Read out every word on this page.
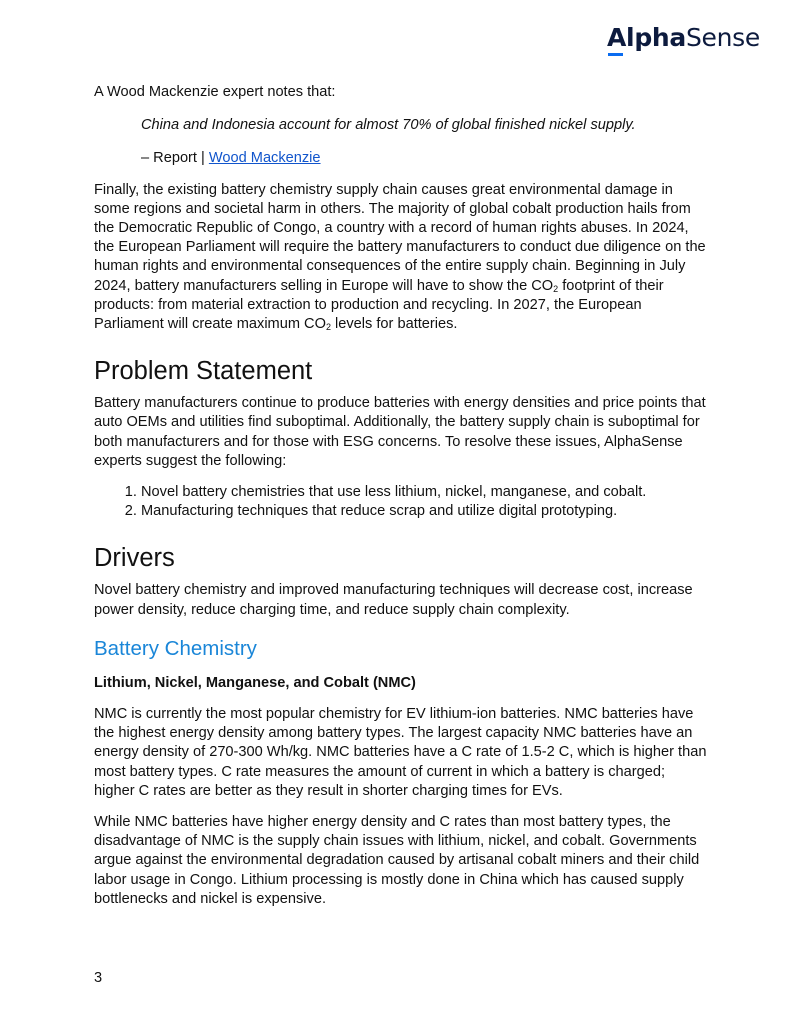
AlphaSense

A Wood Mackenzie expert notes that:

China and Indonesia account for almost 70% of global finished nickel supply.

– Report | Wood Mackenzie

Finally, the existing battery chemistry supply chain causes great environmental damage in some regions and societal harm in others. The majority of global cobalt production hails from the Democratic Republic of Congo, a country with a record of human rights abuses. In 2024, the European Parliament will require the battery manufacturers to conduct due diligence on the human rights and environmental consequences of the entire supply chain. Beginning in July 2024, battery manufacturers selling in Europe will have to show the $CO_2$ footprint of their products: from material extraction to production and recycling. In 2027, the European Parliament will create maximum $CO_2$ levels for batteries.

Problem Statement

Battery manufacturers continue to produce batteries with energy densities and price points that auto OEMs and utilities find suboptimal. Additionally, the battery supply chain is suboptimal for both manufacturers and for those with ESG concerns. To resolve these issues, AlphaSense experts suggest the following:

1. Novel battery chemistries that use less lithium, nickel, manganese, and cobalt.
2. Manufacturing techniques that reduce scrap and utilize digital prototyping.
Drivers

Novel battery chemistry and improved manufacturing techniques will decrease cost, increase power density, reduce charging time, and reduce supply chain complexity.

Battery Chemistry

Lithium, Nickel, Manganese, and Cobalt (NMC)

NMC is currently the most popular chemistry for EV lithium-ion batteries. NMC batteries have the highest energy density among battery types. The largest capacity NMC batteries have an energy density of 270-300 Wh/kg. NMC batteries have a C rate of 1.5-2 C, which is higher than most battery types. C rate measures the amount of current in which a battery is charged; higher C rates are better as they result in shorter charging times for EVs.

While NMC batteries have higher energy density and C rates than most battery types, the disadvantage of NMC is the supply chain issues with lithium, nickel, and cobalt. Governments argue against the environmental degradation caused by artisanal cobalt miners and their child labor usage in Congo. Lithium processing is mostly done in China which has caused supply bottlenecks and nickel is expensive.

3
